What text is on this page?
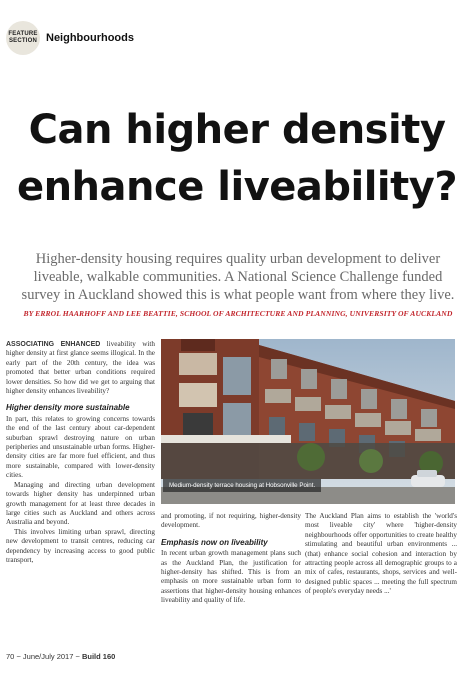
FEATURE
SECTION Neighbourhoods
Can higher density
enhance liveability?
Higher-density housing requires quality urban development to deliver liveable, walkable communities. A National Science Challenge funded survey in Auckland showed this is what people want from where they live.
BY ERROL HAARHOFF AND LEE BEATTIE, SCHOOL OF ARCHITECTURE AND PLANNING, UNIVERSITY OF AUCKLAND

ASSOCIATING ENHANCED liveability with higher density at first glance seems illogical. In the early part of the 20th century, the idea was promoted that better urban conditions required lower densities. So how did we get to arguing that higher density enhances liveability?

Higher density more sustainable

In part, this relates to growing concerns towards the end of the last century about car-dependent suburban sprawl destroying nature on urban peripheries and unsustainable urban forms. Higher-density cities are far more fuel efficient, and thus more sustainable, compared with lower-density cities.

Managing and directing urban development towards higher density has underpinned urban growth management for at least three decades in large cities such as Auckland and others across Australia and beyond.

This involves limiting urban sprawl, directing new development to transit centres, reducing car dependency by increasing access to good public transport,

Medium-density terrace housing at Hobsonville Point.

and promoting, if not requiring, higher-density development.

Emphasis now on liveability

In recent urban growth management plans such as the Auckland Plan, the justification for higher-density has shifted. This is from an emphasis on more sustainable urban form to assertions that higher-density housing enhances liveability and quality of life.

The Auckland Plan aims to establish the 'world's most liveable city' where 'higher-density neighbourhoods offer opportunities to create healthy stimulating and beautiful urban environments ... (that) enhance social cohesion and interaction by attracting people across all demographic groups to a mix of cafes, restaurants, shops, services and well-designed public spaces ... meeting the full spectrum of people's everyday needs ...'

70 ~ June/July 2017 ~ Build 160
